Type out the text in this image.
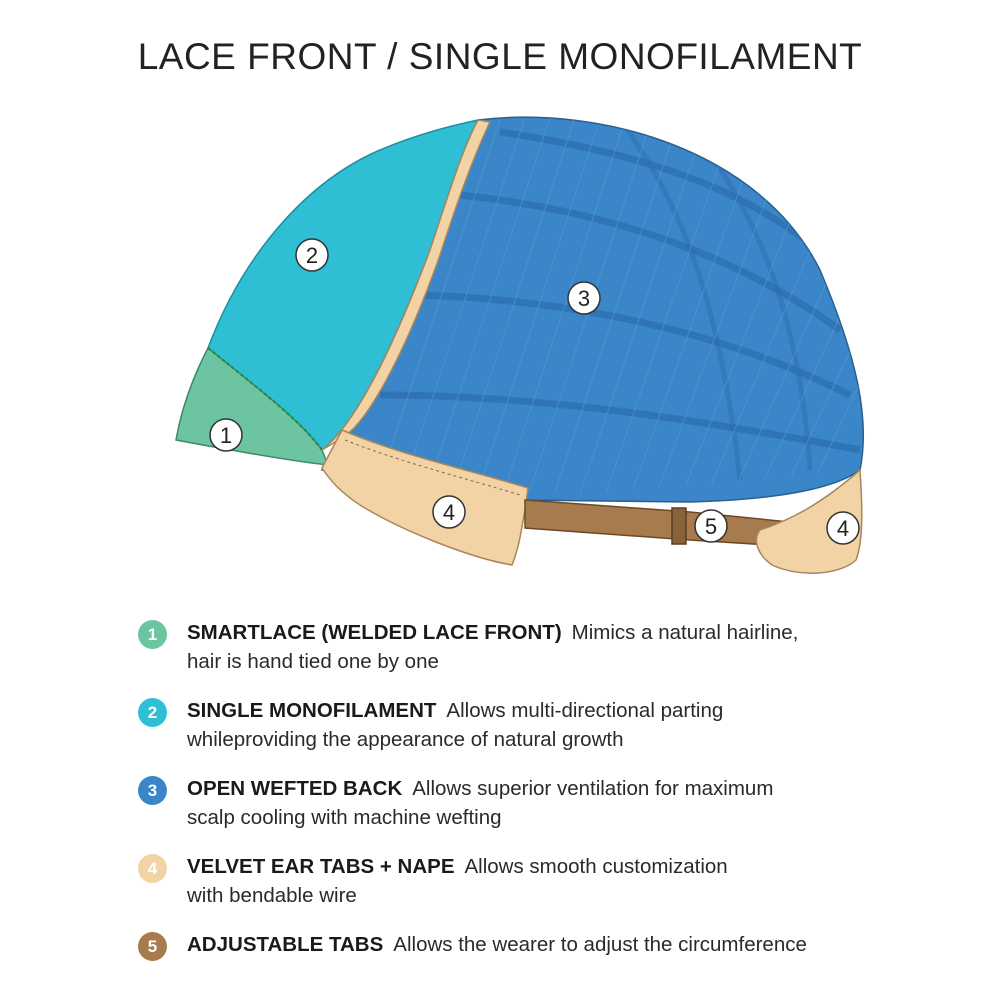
LACE FRONT / SINGLE MONOFILAMENT
1
2
3
4
5	4
1	SMARTLACE (WELDED LACE FRONT) Mimics a natural hairline,
hair is hand tied one by one
2	SINGLE MONOFILAMENT Allows multi-directional parting
whileproviding the appearance of natural growth
3	OPEN WEFTED BACK Allows superior ventilation for maximum
scalp cooling with machine wefting
4	VELVET EAR TABS + NAPE Allows smooth customization
with bendable wire
5	ADJUSTABLE TABS Allows the wearer to adjust the circumference
